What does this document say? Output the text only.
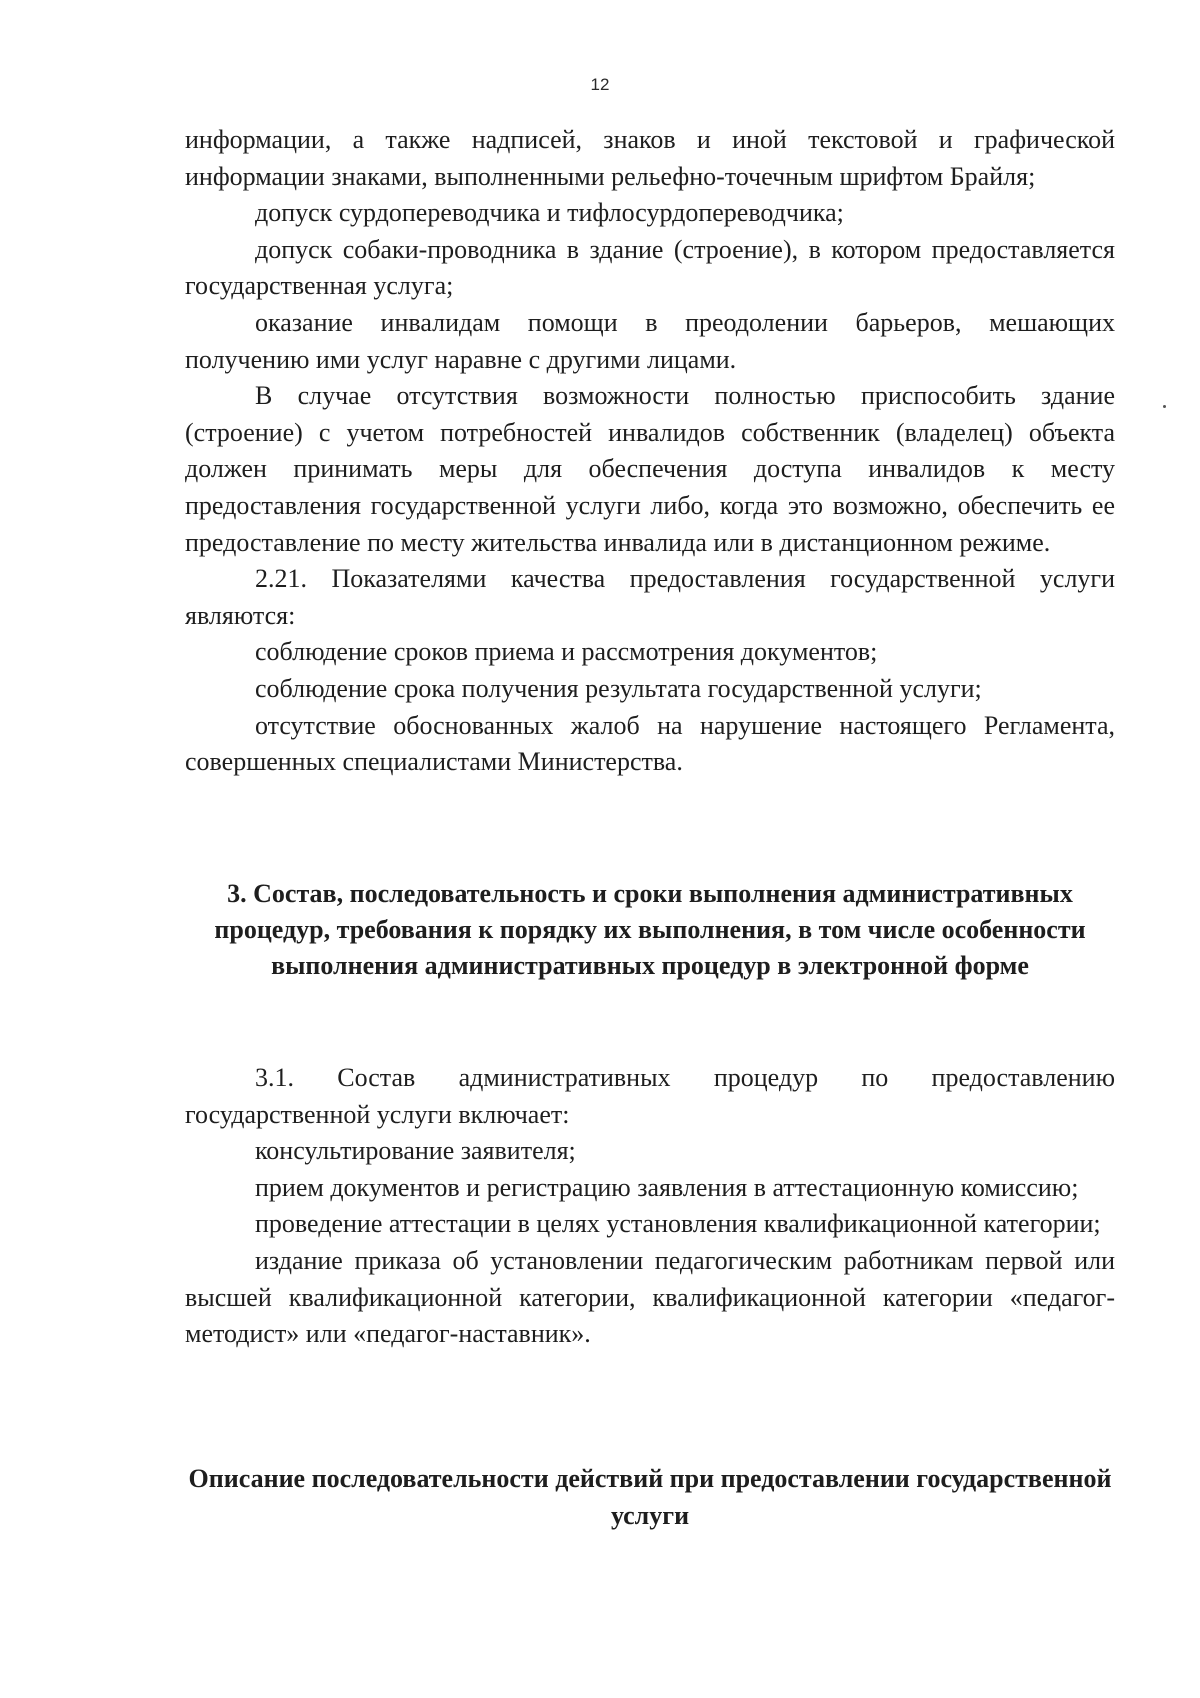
12

информации, а также надписей, знаков и иной текстовой и графической информации знаками, выполненными рельефно-точечным шрифтом Брайля;

допуск сурдопереводчика и тифлосурдопереводчика;

допуск собаки-проводника в здание (строение), в котором предоставляется государственная услуга;

оказание инвалидам помощи в преодолении барьеров, мешающих получению ими услуг наравне с другими лицами.

В случае отсутствия возможности полностью приспособить здание (строение) с учетом потребностей инвалидов собственник (владелец) объекта должен принимать меры для обеспечения доступа инвалидов к месту предоставления государственной услуги либо, когда это возможно, обеспечить ее предоставление по месту жительства инвалида или в дистанционном режиме.

2.21. Показателями качества предоставления государственной услуги являются:

соблюдение сроков приема и рассмотрения документов;

соблюдение срока получения результата государственной услуги;

отсутствие обоснованных жалоб на нарушение настоящего Регламента, совершенных специалистами Министерства.

3. Состав, последовательность и сроки выполнения административных процедур, требования к порядку их выполнения, в том числе особенности выполнения административных процедур в электронной форме

3.1. Состав административных процедур по предоставлению государственной услуги включает:

консультирование заявителя;

прием документов и регистрацию заявления в аттестационную комиссию;

проведение аттестации в целях установления квалификационной категории;

издание приказа об установлении педагогическим работникам первой или высшей квалификационной категории, квалификационной категории «педагог-методист» или «педагог-наставник».

Описание последовательности действий при предоставлении государственной услуги
